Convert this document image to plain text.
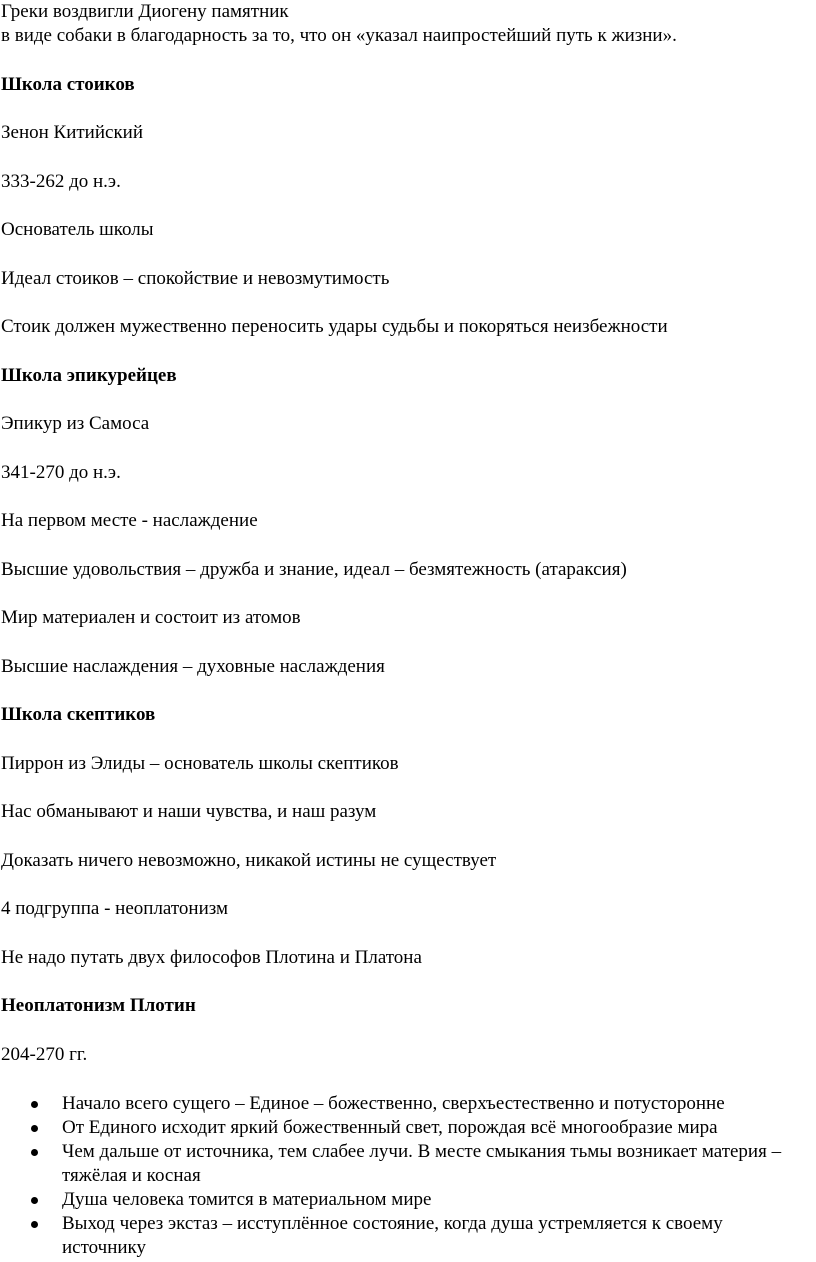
Греки воздвигли Диогену памятник
в виде собаки в благодарность за то, что он «указал наипростейший путь к жизни».
Школа стоиков
Зенон Китийский
333-262 до н.э.
Основатель школы
Идеал стоиков – спокойствие и невозмутимость
Стоик должен мужественно переносить удары судьбы и покоряться неизбежности
Школа эпикурейцев
Эпикур из Самоса
341-270 до н.э.
На первом месте - наслаждение
Высшие удовольствия – дружба и знание, идеал – безмятежность (атараксия)
Мир материален и состоит из атомов
Высшие наслаждения – духовные наслаждения
Школа скептиков
Пиррон из Элиды – основатель школы скептиков
Нас обманывают и наши чувства, и наш разум
Доказать ничего невозможно, никакой истины не существует
4 подгруппа - неоплатонизм
Не надо путать двух философов Плотина и Платона
Неоплатонизм Плотин
204-270 гг.
Начало всего сущего – Единое – божественно, сверхъестественно и потусторонне
От Единого исходит яркий божественный свет, порождая всё многообразие мира
Чем дальше от источника, тем слабее лучи. В месте смыкания тьмы возникает материя – тяжёлая и косная
Душа человека томится в материальном мире
Выход через экстаз – исступлённое состояние, когда душа устремляется к своему источнику
